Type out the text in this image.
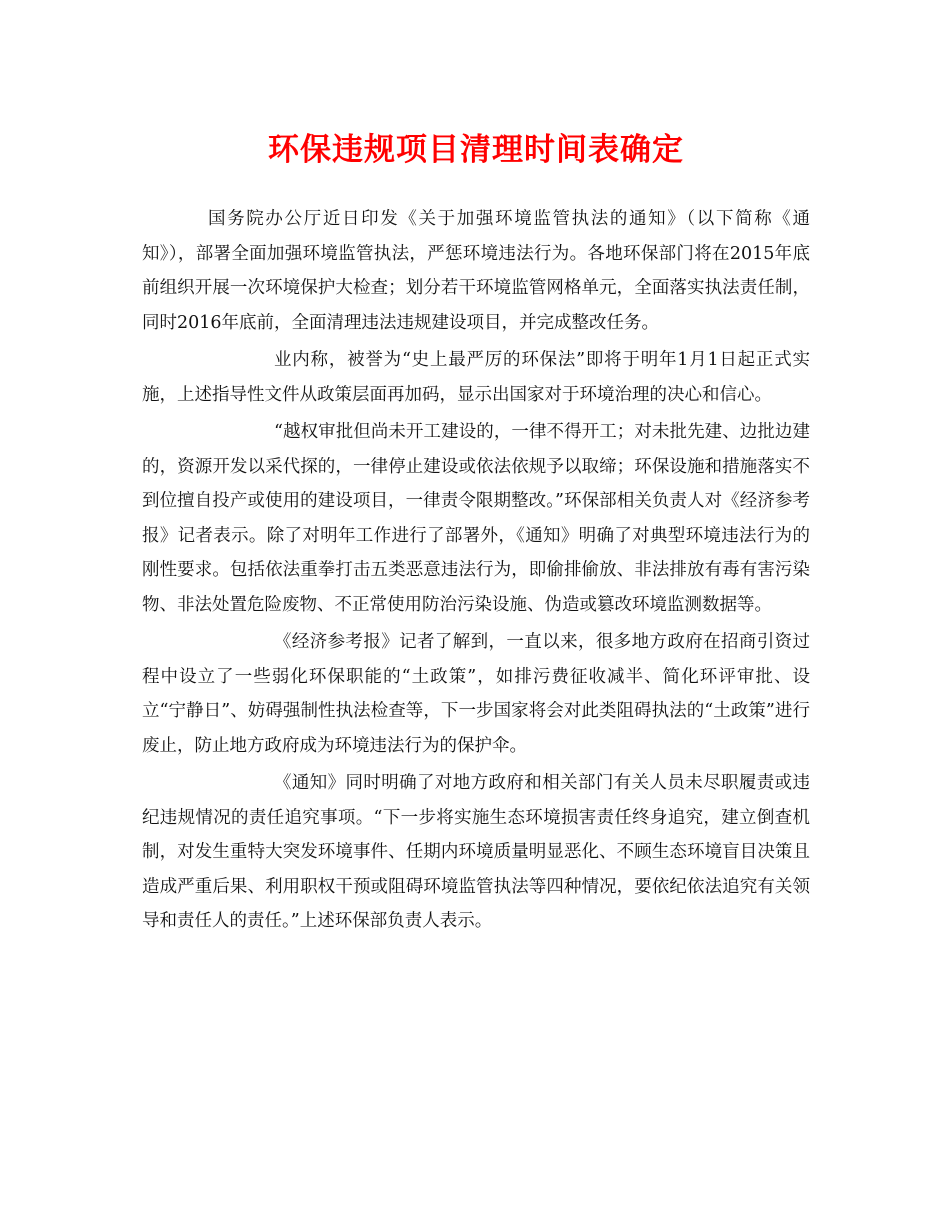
环保违规项目清理时间表确定

国务院办公厅近日印发《关于加强环境监管执法的通知》（以下简称《通知》），部署全面加强环境监管执法，严惩环境违法行为。各地环保部门将在2015年底前组织开展一次环境保护大检查；划分若干环境监管网格单元，全面落实执法责任制，同时2016年底前，全面清理违法违规建设项目，并完成整改任务。

业内称，被誉为“史上最严厉的环保法”即将于明年1月1日起正式实施，上述指导性文件从政策层面再加码，显示出国家对于环境治理的决心和信心。

“越权审批但尚未开工建设的，一律不得开工；对未批先建、边批边建的，资源开发以采代探的，一律停止建设或依法依规予以取缔；环保设施和措施落实不到位擅自投产或使用的建设项目，一律责令限期整改。”环保部相关负责人对《经济参考报》记者表示。除了对明年工作进行了部署外，《通知》明确了对典型环境违法行为的刚性要求。包括依法重拳打击五类恶意违法行为，即偷排偷放、非法排放有毒有害污染物、非法处置危险废物、不正常使用防治污染设施、伪造或篡改环境监测数据等。

《经济参考报》记者了解到，一直以来，很多地方政府在招商引资过程中设立了一些弱化环保职能的“土政策”，如排污费征收减半、简化环评审批、设立“宁静日”、妨碍强制性执法检查等，下一步国家将会对此类阻碍执法的“土政策”进行废止，防止地方政府成为环境违法行为的保护伞。

《通知》同时明确了对地方政府和相关部门有关人员未尽职履责或违纪违规情况的责任追究事项。“下一步将实施生态环境损害责任终身追究，建立倒查机制，对发生重特大突发环境事件、任期内环境质量明显恶化、不顾生态环境盲目决策且造成严重后果、利用职权干预或阻碍环境监管执法等四种情况，要依纪依法追究有关领导和责任人的责任。”上述环保部负责人表示。
